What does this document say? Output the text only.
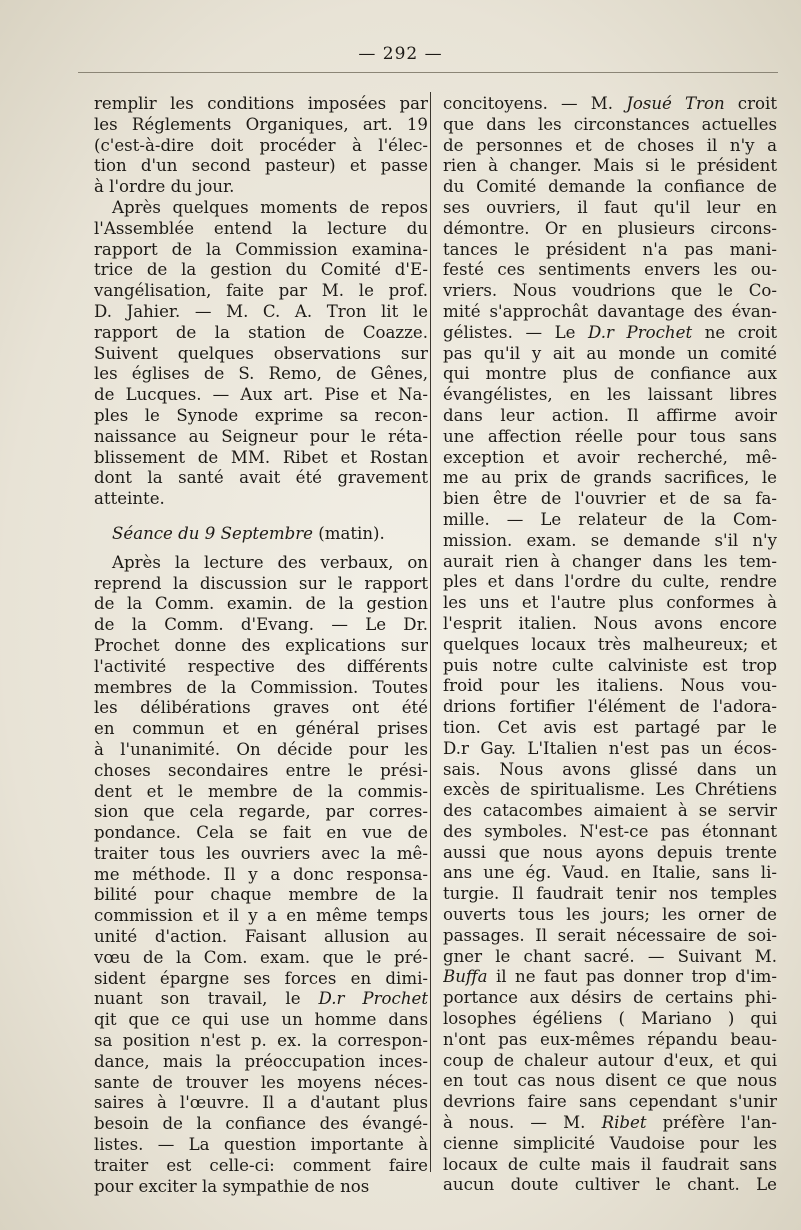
— 292 —
remplir les conditions imposées par
les Réglements Organiques, art. 19
(c'est-à-dire doit procéder à l'élec-
tion d'un second pasteur) et passe
à l'ordre du jour.
Après quelques moments de repos
l'Assemblée entend la lecture du
rapport de la Commission examina-
trice de la gestion du Comité d'E-
vangélisation, faite par M. le prof.
D. Jahier. — M. C. A. Tron lit le
rapport de la station de Coazze.
Suivent quelques observations sur
les églises de S. Remo, de Gênes,
de Lucques. — Aux art. Pise et Na-
ples le Synode exprime sa recon-
naissance au Seigneur pour le réta-
blissement de MM. Ribet et Rostan
dont la santé avait été gravement
atteinte.
Séance du 9 Septembre (matin).
Après la lecture des verbaux, on
reprend la discussion sur le rapport
de la Comm. examin. de la gestion
de la Comm. d'Evang. — Le Dr.
Prochet donne des explications sur
l'activité respective des différents
membres de la Commission. Toutes
les délibérations graves ont été
en commun et en général prises
à l'unanimité. On décide pour les
choses secondaires entre le prési-
dent et le membre de la commis-
sion que cela regarde, par corres-
pondance. Cela se fait en vue de
traiter tous les ouvriers avec la mê-
me méthode. Il y a donc responsa-
bilité pour chaque membre de la
commission et il y a en même temps
unité d'action. Faisant allusion au
vœu de la Com. exam. que le pré-
sident épargne ses forces en dimi-
nuant son travail, le D.r Prochet
qit que ce qui use un homme dans
sa position n'est p. ex. la correspon-
dance, mais la préoccupation inces-
sante de trouver les moyens néces-
saires à l'œuvre. Il a d'autant plus
besoin de la confiance des évangé-
listes. — La question importante à
traiter est celle-ci: comment faire
pour exciter la sympathie de nos
concitoyens. — M. Josué Tron croit
que dans les circonstances actuelles
de personnes et de choses il n'y a
rien à changer. Mais si le président
du Comité demande la confiance de
ses ouvriers, il faut qu'il leur en
démontre. Or en plusieurs circons-
tances le président n'a pas mani-
festé ces sentiments envers les ou-
vriers. Nous voudrions que le Co-
mité s'approchât davantage des évan-
gélistes. — Le D.r Prochet ne croit
pas qu'il y ait au monde un comité
qui montre plus de confiance aux
évangélistes, en les laissant libres
dans leur action. Il affirme avoir
une affection réelle pour tous sans
exception et avoir recherché, mê-
me au prix de grands sacrifices, le
bien être de l'ouvrier et de sa fa-
mille. — Le relateur de la Com-
mission. exam. se demande s'il n'y
aurait rien à changer dans les tem-
ples et dans l'ordre du culte, rendre
les uns et l'autre plus conformes à
l'esprit italien. Nous avons encore
quelques locaux très malheureux; et
puis notre culte calviniste est trop
froid pour les italiens. Nous vou-
drions fortifier l'élément de l'adora-
tion. Cet avis est partagé par le
D.r Gay. L'Italien n'est pas un écos-
sais. Nous avons glissé dans un
excès de spiritualisme. Les Chrétiens
des catacombes aimaient à se servir
des symboles. N'est-ce pas étonnant
aussi que nous ayons depuis trente
ans une ég. Vaud. en Italie, sans li-
turgie. Il faudrait tenir nos temples
ouverts tous les jours; les orner de
passages. Il serait nécessaire de soi-
gner le chant sacré. — Suivant M.
Buffa il ne faut pas donner trop d'im-
portance aux désirs de certains phi-
losophes égéliens ( Mariano ) qui
n'ont pas eux-mêmes répandu beau-
coup de chaleur autour d'eux, et qui
en tout cas nous disent ce que nous
devrions faire sans cependant s'unir
à nous. — M. Ribet préfère l'an-
cienne simplicité Vaudoise pour les
locaux de culte mais il faudrait sans
aucun doute cultiver le chant. Le
